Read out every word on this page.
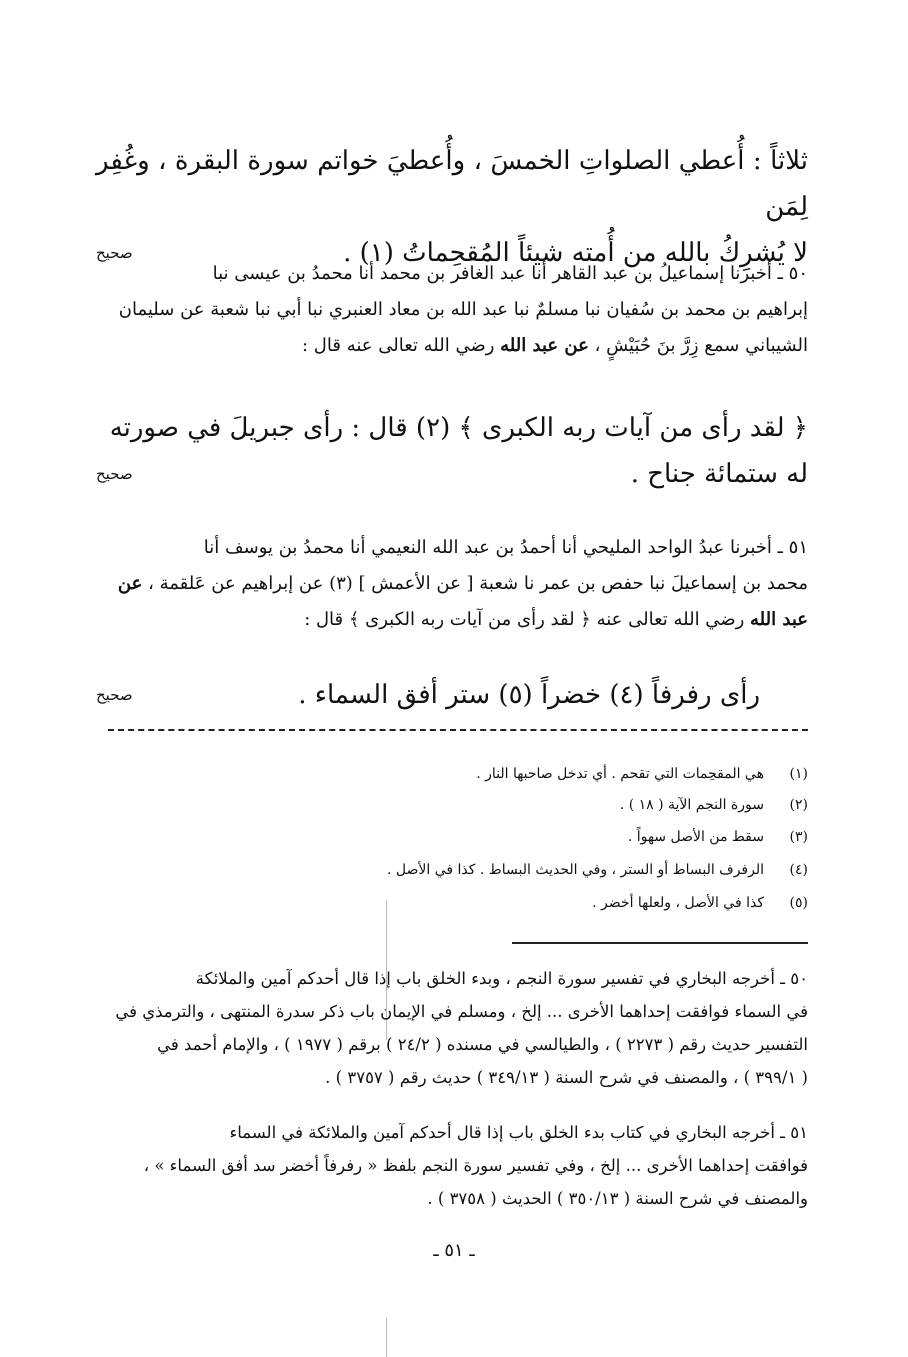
ثلاثاً : أُعطي الصلواتِ الخمسَ ، وأُعطيَ خواتم سورة البقرة ، وغُفِر لِمَن
لا يُشرِكُ بالله من أُمته شيئاً المُقحِماتُ (١) .
صحيح
٥٠ ـ أخبرنا إسماعيلُ بن عبد القاهر أنا عبد الغافر بن محمد أنا محمدُ بن عيسى نبا
إبراهيم بن محمد بن سُفيان نبا مسلمٌ نبا عبد الله بن معاد العنبري نبا أبي نبا شعبة عن سليمان
الشيباني سمع زِرَّ بنَ حُبَيْشٍ ، عن عبد الله رضي الله تعالى عنه قال :
﴿ لقد رأى من آيات ربه الكبرى ﴾ (٢) قال : رأى جبريلَ في صورته
له ستمائة جناح .
صحيح
٥١ ـ أخبرنا عبدُ الواحد المليحي أنا أحمدُ بن عبد الله النعيمي أنا محمدُ بن يوسف أنا
محمد بن إسماعيلَ نبا حفص بن عمر نا شعبة [ عن الأعمش ] (٣) عن إبراهيم عن عَلقمة ، عن
عبد الله رضي الله تعالى عنه ﴿ لقد رأى من آيات ربه الكبرى ﴾ قال :
رأى رفرفاً (٤) خضراً (٥) ستر أفق السماء .
صحيح
(١)
هي المقحِمات التي تقحم . أي تدخل صاحبها النار .
(٢)
سورة النجم الآية ( ١٨ ) .
(٣)
سقط من الأصل سهواً .
(٤)
الرفرف البساط أو الستر ، وفي الحديث البساط . كذا في الأصل .
(٥)
كذا في الأصل ، ولعلها أخضر .
٥٠ ـ أخرجه البخاري في تفسير سورة النجم ، وبدء الخلق باب إذا قال أحدكم آمين والملائكة
في السماء فوافقت إحداهما الأخرى ... إلخ ، ومسلم في الإيمان باب ذكر سدرة المنتهى ، والترمذي في
التفسير حديث رقم ( ٢٢٧٣ ) ، والطيالسي في مسنده ( ٢٤/٢ ) برقم ( ١٩٧٧ ) ، والإمام أحمد في
( ٣٩٩/١ ) ، والمصنف في شرح السنة ( ٣٤٩/١٣ ) حديث رقم ( ٣٧٥٧ ) .
٥١ ـ أخرجه البخاري في كتاب بدء الخلق باب إذا قال أحدكم آمين والملائكة في السماء
فوافقت إحداهما الأخرى ... إلخ ، وفي تفسير سورة النجم بلفظ « رفرفاً أخضر سد أفق السماء » ،
والمصنف في شرح السنة ( ٣٥٠/١٣ ) الحديث ( ٣٧٥٨ ) .
ـ ٥١ ـ
